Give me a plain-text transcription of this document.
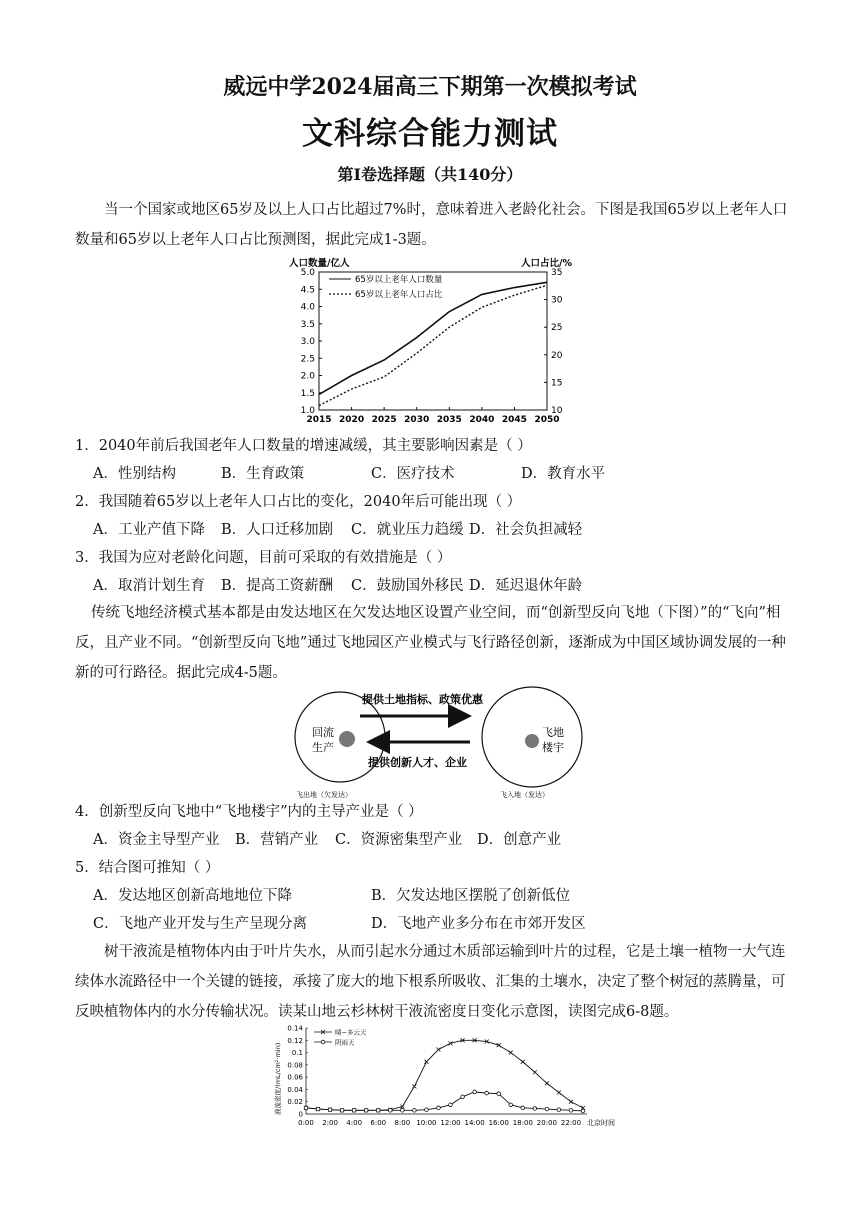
威远中学2024届高三下期第一次模拟考试
文科综合能力测试
第Ⅰ卷选择题（共140分）

当一个国家或地区65岁及以上人口占比超过7%时，意味着进入老龄化社会。下图是我国65岁以上老年人口数量和65岁以上老年人口占比预测图，据此完成1-3题。

人口数量/亿人	人口占比/%
1.0
1.5
2.0
2.5
3.0
3.5
4.0
4.5
5.0
10
15
20
25
30
35
2015 2020 2025 2030 2035 2040 2045 2050
65岁以上老年人口数量
65岁以上老年人口占比
1．2040年前后我国老年人口数量的增速减缓，其主要影响因素是（ ）

A．性别结构

	B．生育政策

	C．医疗技术

	D．教育水平

2．我国随着65岁以上老年人口占比的变化，2040年后可能出现（ ）

A．工业产值下降

B．人口迁移加剧

C．就业压力趋缓

D．社会负担减轻

3．我国为应对老龄化问题，目前可采取的有效措施是（ ）

A．取消计划生育

B．提高工资薪酬

C．鼓励国外移民

D．延迟退休年龄

传统飞地经济模式基本都是由发达地区在欠发达地区设置产业空间，而“创新型反向飞地（下图）”的“飞向”相反，且产业不同。“创新型反向飞地”通过飞地园区产业模式与飞行路径创新，逐渐成为中国区域协调发展的一种新的可行路径。据此完成4-5题。

回流
生产
飞地
楼宇
提供土地指标、政策优惠
提供创新人才、企业
飞出地（欠发达）	飞入地（发达）
4．创新型反向飞地中“飞地楼宇”内的主导产业是（ ）

A．资金主导型产业

B．营销产业

C．资源密集型产业

D．创意产业

5．结合图可推知（ ）

A．发达地区创新高地地位下降

	B．欠发达地区摆脱了创新低位

C．飞地产业开发与生产呈现分离

	D．飞地产业多分布在市郊开发区

树干液流是植物体内由于叶片失水，从而引起水分通过木质部运输到叶片的过程，它是土壤一植物一大气连续体水流路径中一个关键的链接，承接了庞大的地下根系所吸收、汇集的土壤水，决定了整个树冠的蒸腾量，可反映植物体内的水分传输状况。读某山地云杉林树干液流密度日变化示意图，读图完成6-8题。

液流密度/(mL/cm²·min) 0
0.02
0.04
0.06
0.08
0.1
0.12
0.14
0:00 2:00 4:00 6:00 8:00 10:00 12:00 14:00 16:00 18:00 20:00 22:00 北京时间
晴~多云天
阴雨天
